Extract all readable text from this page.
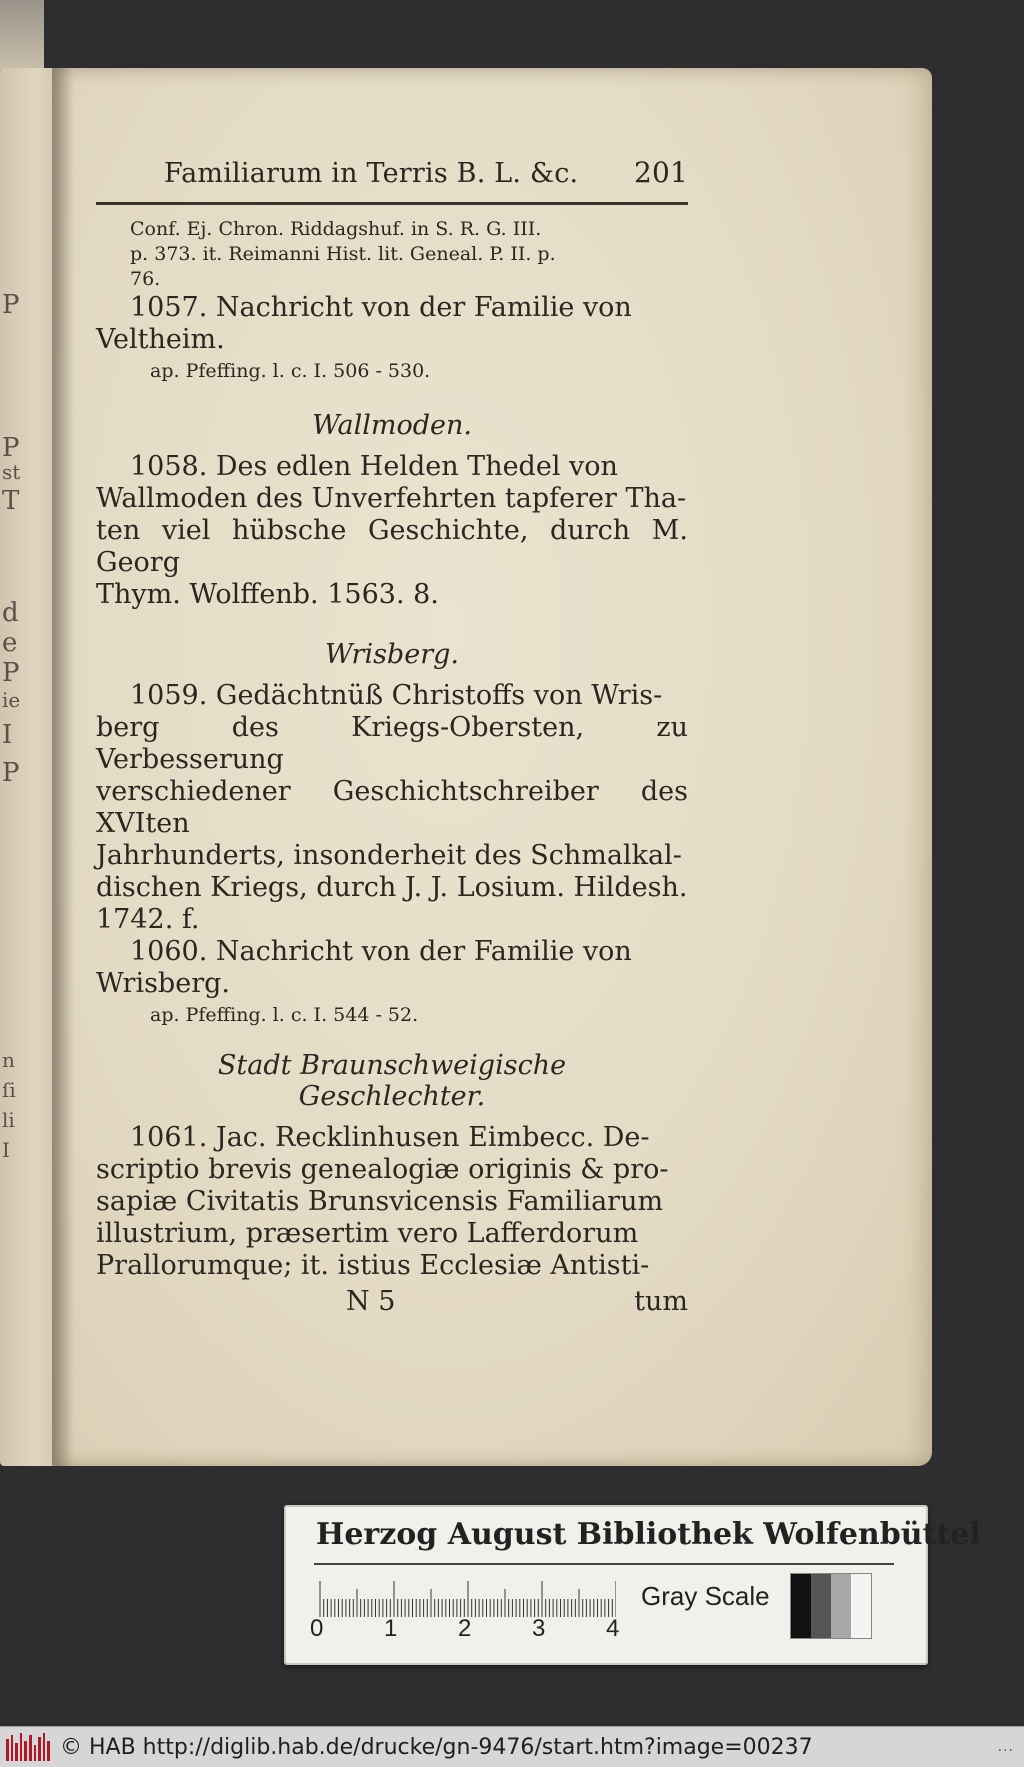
P
P
st
T
d
e
P
ie
I
P
n
ſi
li
I
Familiarum in Terris B. L. &c. 201
Conf. Ej. Chron. Riddagshuf. in S. R. G. III.
p. 373. it. Reimanni Hist. lit. Geneal. P. II. p.
76.

1057. Nachricht von der Familie von

Veltheim.

ap. Pfeffing. l. c. I. 506 - 530.
Wallmoden.

1058. Des edlen Helden Thedel von

Wallmoden des Unverfehrten tapferer Tha-

ten viel hübsche Geschichte, durch M. Georg

Thym. Wolffenb. 1563. 8.

Wrisberg.

1059. Gedächtnüß Christoffs von Wris-

berg des Kriegs-Obersten, zu Verbesserung

verschiedener Geschichtschreiber des XVIten

Jahrhunderts, insonderheit des Schmalkal-

dischen Kriegs, durch J. J. Losium. Hildesh.

1742. f.

1060. Nachricht von der Familie von

Wrisberg.

ap. Pfeffing. l. c. I. 544 - 52.
Stadt Braunschweigische
Geschlechter.

1061. Jac. Recklinhusen Eimbecc. De-

scriptio brevis genealogiæ originis & pro-

sapiæ Civitatis Brunsvicensis Familiarum

illustrium, præsertim vero Lafferdorum

Prallorumque; it. istius Ecclesiæ Antisti-

N 5	tum
Herzog August Bibliothek Wolfenbüttel
0	1	2	3	4
Gray Scale
© HAB http://diglib.hab.de/drucke/gn-9476/start.htm?image=00237	...
